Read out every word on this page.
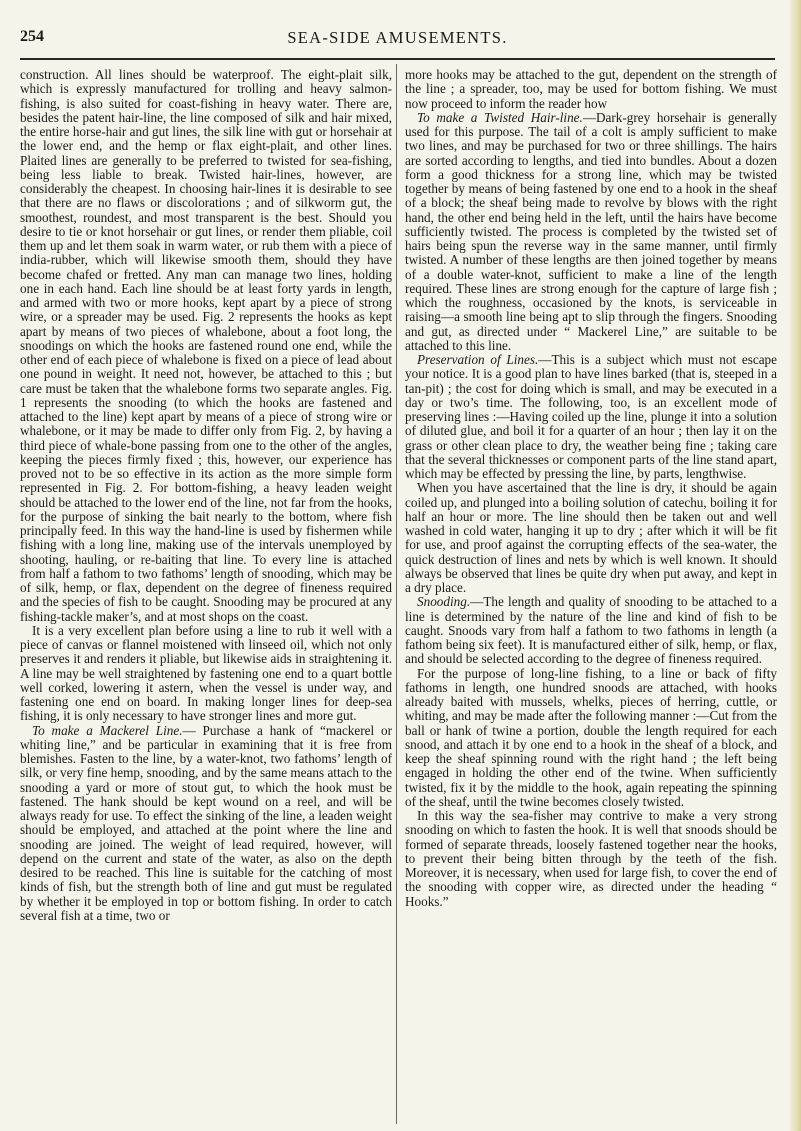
254	SEA-SIDE AMUSEMENTS.

construction. All lines should be waterproof. The eight-plait silk, which is expressly manufactured for trolling and heavy salmon-fishing, is also suited for coast-fishing in heavy water. There are, besides the patent hair-line, the line composed of silk and hair mixed, the entire horse-hair and gut lines, the silk line with gut or horsehair at the lower end, and the hemp or flax eight-plait, and other lines. Plaited lines are generally to be preferred to twisted for sea-fishing, being less liable to break. Twisted hair-lines, however, are considerably the cheapest. In choosing hair-lines it is desirable to see that there are no flaws or discolorations ; and of silkworm gut, the smoothest, roundest, and most transparent is the best. Should you desire to tie or knot horsehair or gut lines, or render them pliable, coil them up and let them soak in warm water, or rub them with a piece of india-rubber, which will likewise smooth them, should they have become chafed or fretted. Any man can manage two lines, holding one in each hand. Each line should be at least forty yards in length, and armed with two or more hooks, kept apart by a piece of strong wire, or a spreader may be used. Fig. 2 represents the hooks as kept apart by means of two pieces of whalebone, about a foot long, the snoodings on which the hooks are fastened round one end, while the other end of each piece of whalebone is fixed on a piece of lead about one pound in weight. It need not, however, be attached to this ; but care must be taken that the whalebone forms two separate angles. Fig. 1 represents the snooding (to which the hooks are fastened and attached to the line) kept apart by means of a piece of strong wire or whalebone, or it may be made to differ only from Fig. 2, by having a third piece of whale-bone passing from one to the other of the angles, keeping the pieces firmly fixed ; this, however, our experience has proved not to be so effective in its action as the more simple form represented in Fig. 2. For bottom-fishing, a heavy leaden weight should be attached to the lower end of the line, not far from the hooks, for the purpose of sinking the bait nearly to the bottom, where fish principally feed. In this way the hand-line is used by fishermen while fishing with a long line, making use of the intervals unemployed by shooting, hauling, or re-baiting that line. To every line is attached from half a fathom to two fathoms’ length of snooding, which may be of silk, hemp, or flax, dependent on the degree of fineness required and the species of fish to be caught. Snooding may be procured at any fishing-tackle maker’s, and at most shops on the coast.

It is a very excellent plan before using a line to rub it well with a piece of canvas or flannel moistened with linseed oil, which not only preserves it and renders it pliable, but likewise aids in straightening it. A line may be well straightened by fastening one end to a quart bottle well corked, lowering it astern, when the vessel is under way, and fastening one end on board. In making longer lines for deep-sea fishing, it is only necessary to have stronger lines and more gut.

To make a Mackerel Line.— Purchase a hank of “mackerel or whiting line,” and be particular in examining that it is free from blemishes. Fasten to the line, by a water-knot, two fathoms’ length of silk, or very fine hemp, snooding, and by the same means attach to the snooding a yard or more of stout gut, to which the hook must be fastened. The hank should be kept wound on a reel, and will be always ready for use. To effect the sinking of the line, a leaden weight should be employed, and attached at the point where the line and snooding are joined. The weight of lead required, however, will depend on the current and state of the water, as also on the depth desired to be reached. This line is suitable for the catching of most kinds of fish, but the strength both of line and gut must be regulated by whether it be employed in top or bottom fishing. In order to catch several fish at a time, two or

more hooks may be attached to the gut, dependent on the strength of the line ; a spreader, too, may be used for bottom fishing. We must now proceed to inform the reader how

To make a Twisted Hair-line.—Dark-grey horsehair is generally used for this purpose. The tail of a colt is amply sufficient to make two lines, and may be purchased for two or three shillings. The hairs are sorted according to lengths, and tied into bundles. About a dozen form a good thickness for a strong line, which may be twisted together by means of being fastened by one end to a hook in the sheaf of a block; the sheaf being made to revolve by blows with the right hand, the other end being held in the left, until the hairs have become sufficiently twisted. The process is completed by the twisted set of hairs being spun the reverse way in the same manner, until firmly twisted. A number of these lengths are then joined together by means of a double water-knot, sufficient to make a line of the length required. These lines are strong enough for the capture of large fish ; which the roughness, occasioned by the knots, is serviceable in raising—a smooth line being apt to slip through the fingers. Snooding and gut, as directed under “ Mackerel Line,” are suitable to be attached to this line.

Preservation of Lines.—This is a subject which must not escape your notice. It is a good plan to have lines barked (that is, steeped in a tan-pit) ; the cost for doing which is small, and may be executed in a day or two’s time. The following, too, is an excellent mode of preserving lines :—Having coiled up the line, plunge it into a solution of diluted glue, and boil it for a quarter of an hour ; then lay it on the grass or other clean place to dry, the weather being fine ; taking care that the several thicknesses or component parts of the line stand apart, which may be effected by pressing the line, by parts, lengthwise.

When you have ascertained that the line is dry, it should be again coiled up, and plunged into a boiling solution of catechu, boiling it for half an hour or more. The line should then be taken out and well washed in cold water, hanging it up to dry ; after which it will be fit for use, and proof against the corrupting effects of the sea-water, the quick destruction of lines and nets by which is well known. It should always be observed that lines be quite dry when put away, and kept in a dry place.

Snooding.—The length and quality of snooding to be attached to a line is determined by the nature of the line and kind of fish to be caught. Snoods vary from half a fathom to two fathoms in length (a fathom being six feet). It is manufactured either of silk, hemp, or flax, and should be selected according to the degree of fineness required.

For the purpose of long-line fishing, to a line or back of fifty fathoms in length, one hundred snoods are attached, with hooks already baited with mussels, whelks, pieces of herring, cuttle, or whiting, and may be made after the following manner :—Cut from the ball or hank of twine a portion, double the length required for each snood, and attach it by one end to a hook in the sheaf of a block, and keep the sheaf spinning round with the right hand ; the left being engaged in holding the other end of the twine. When sufficiently twisted, fix it by the middle to the hook, again repeating the spinning of the sheaf, until the twine becomes closely twisted.

In this way the sea-fisher may contrive to make a very strong snooding on which to fasten the hook. It is well that snoods should be formed of separate threads, loosely fastened together near the hooks, to prevent their being bitten through by the teeth of the fish. Moreover, it is necessary, when used for large fish, to cover the end of the snooding with copper wire, as directed under the heading “ Hooks.”
